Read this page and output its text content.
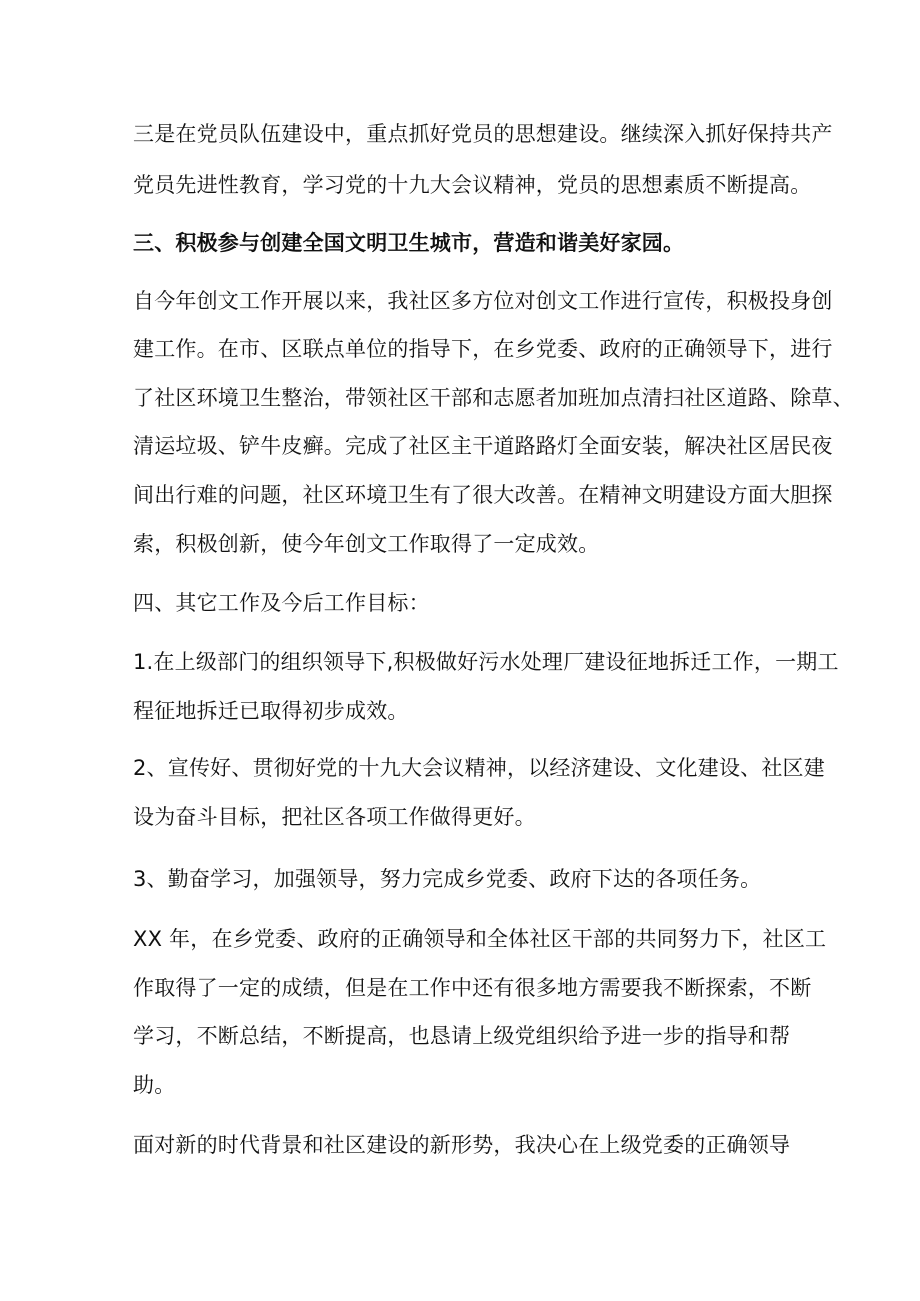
三是在党员队伍建设中，重点抓好党员的思想建设。继续深入抓好保持共产
党员先进性教育，学习党的十九大会议精神，党员的思想素质不断提高。
三、积极参与创建全国文明卫生城市，营造和谐美好家园。
自今年创文工作开展以来，我社区多方位对创文工作进行宣传，积极投身创
建工作。在市、区联点单位的指导下，在乡党委、政府的正确领导下，进行
了社区环境卫生整治，带领社区干部和志愿者加班加点清扫社区道路、除草、
清运垃圾、铲牛皮癣。完成了社区主干道路路灯全面安装，解决社区居民夜
间出行难的问题，社区环境卫生有了很大改善。在精神文明建设方面大胆探
索，积极创新，使今年创文工作取得了一定成效。
四、其它工作及今后工作目标：
1.在上级部门的组织领导下,积极做好污水处理厂建设征地拆迁工作，一期工
程征地拆迁已取得初步成效。
2、宣传好、贯彻好党的十九大会议精神，以经济建设、文化建设、社区建
设为奋斗目标，把社区各项工作做得更好。
3、勤奋学习，加强领导，努力完成乡党委、政府下达的各项任务。
XX 年，在乡党委、政府的正确领导和全体社区干部的共同努力下，社区工
作取得了一定的成绩，但是在工作中还有很多地方需要我不断探索，不断
学习，不断总结，不断提高，也恳请上级党组织给予进一步的指导和帮
助。
面对新的时代背景和社区建设的新形势，我决心在上级党委的正确领导
